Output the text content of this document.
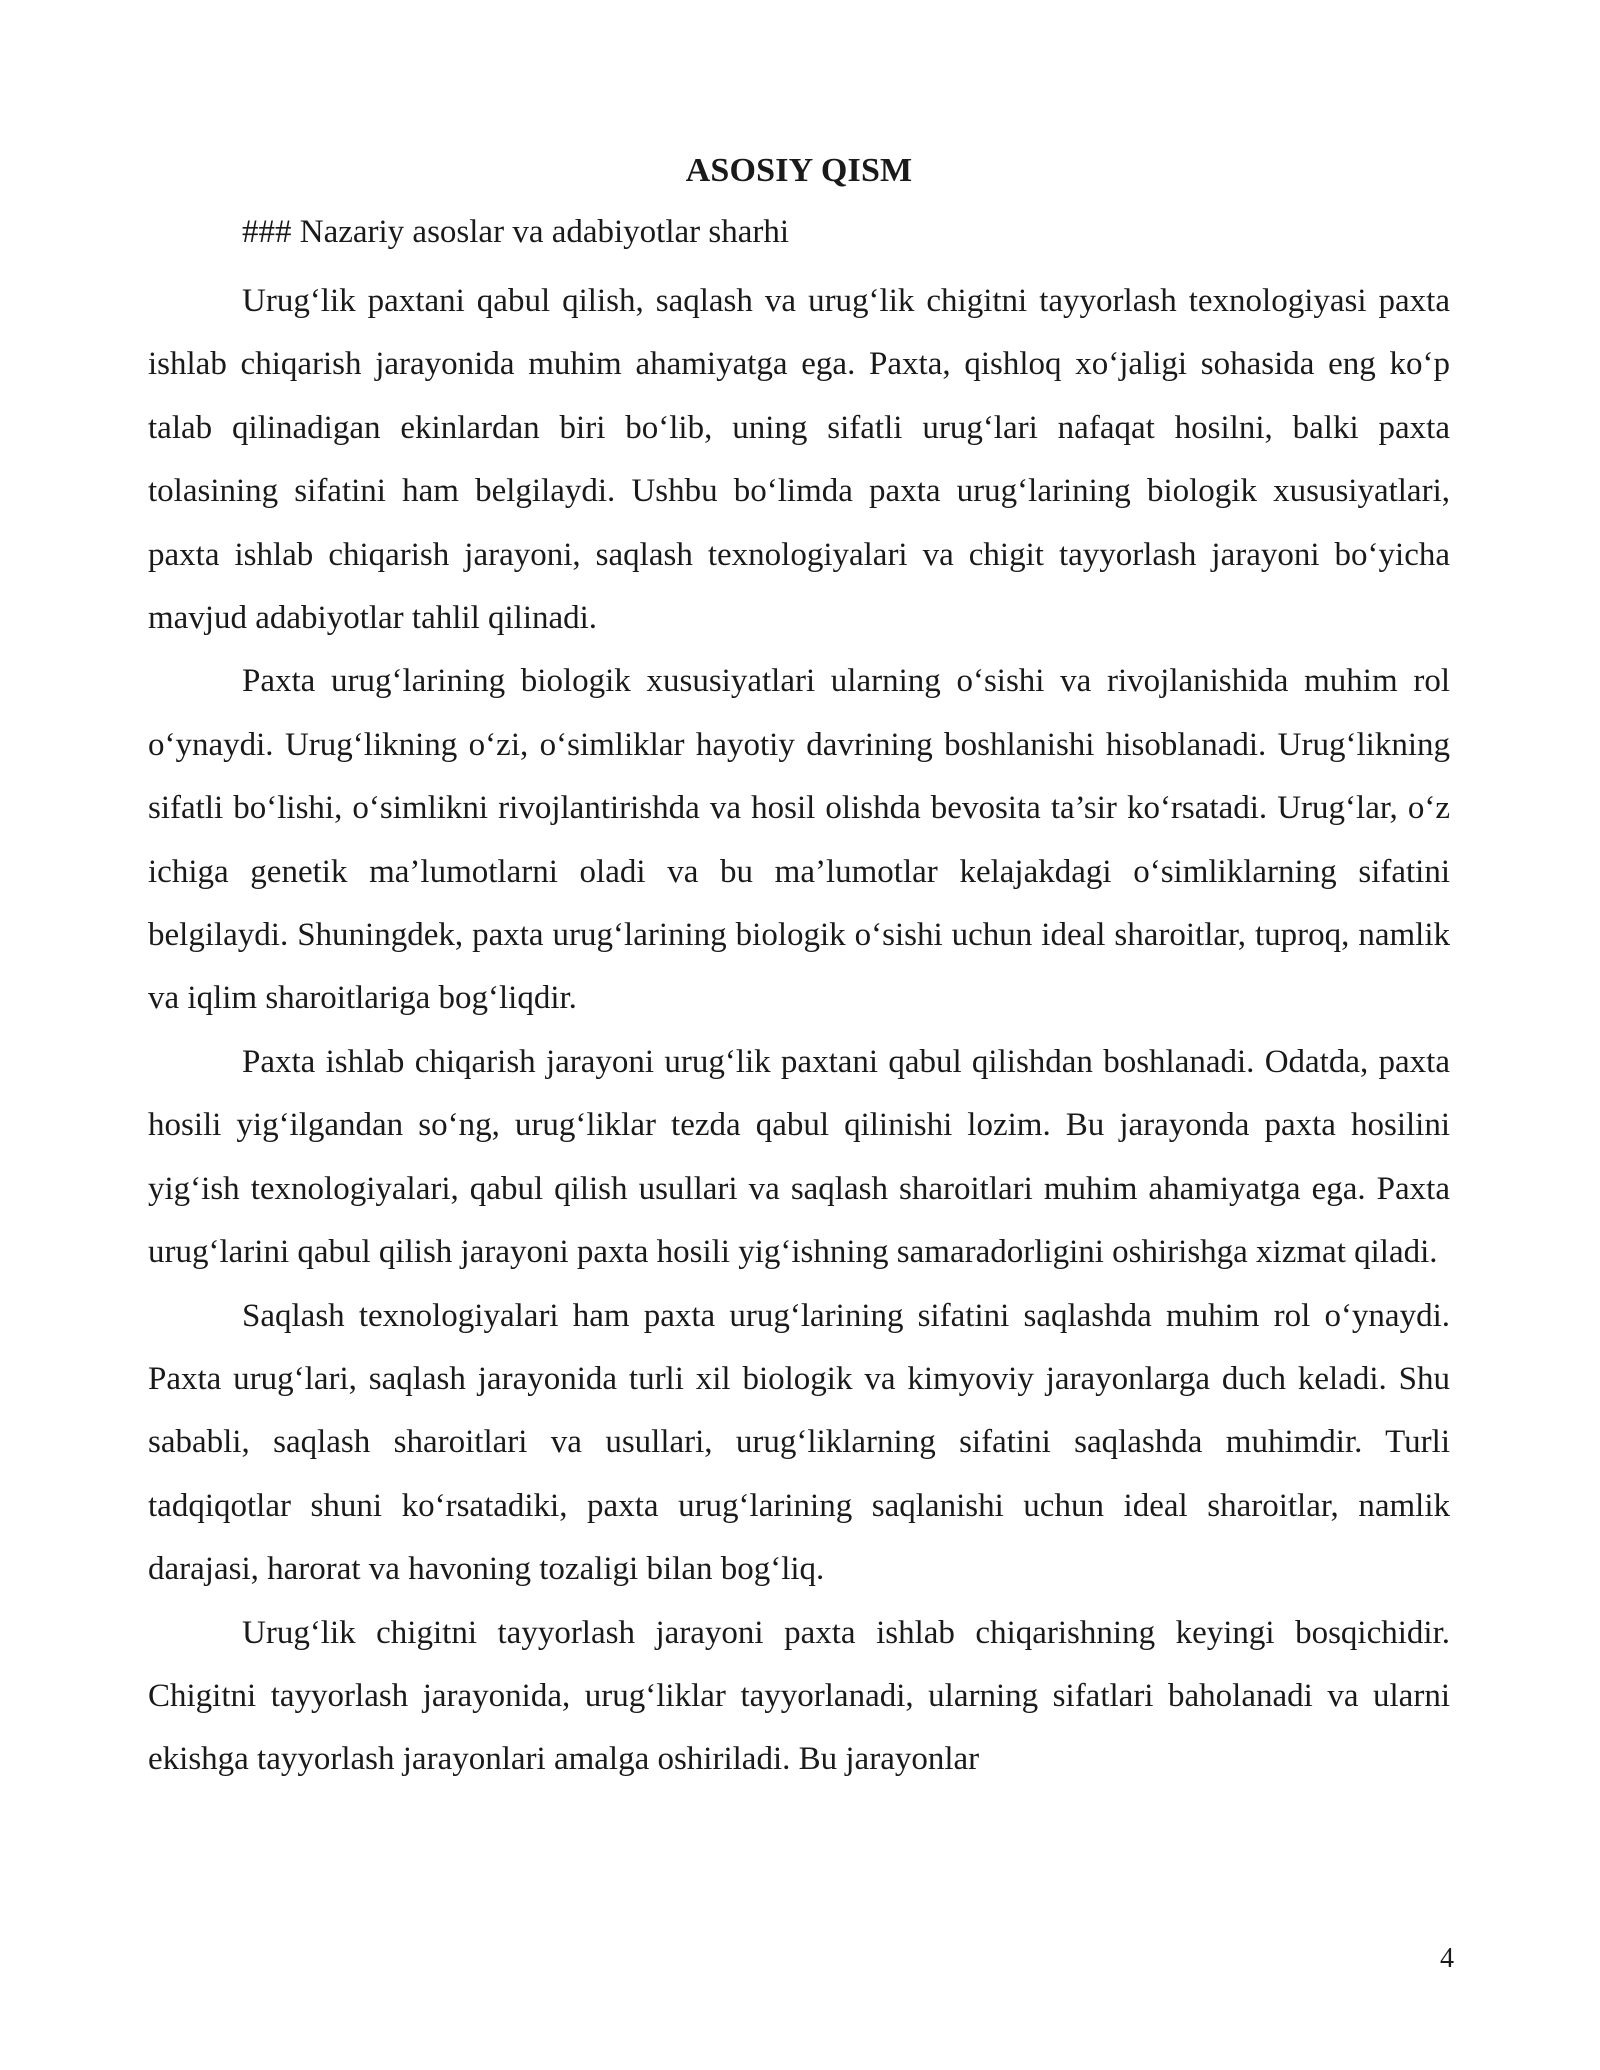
ASOSIY QISM

### Nazariy asoslar va adabiyotlar sharhi

Urug‘lik paxtani qabul qilish, saqlash va urug‘lik chigitni tayyorlash texnologiyasi paxta ishlab chiqarish jarayonida muhim ahamiyatga ega. Paxta, qishloq xo‘jaligi sohasida eng ko‘p talab qilinadigan ekinlardan biri bo‘lib, uning sifatli urug‘lari nafaqat hosilni, balki paxta tolasining sifatini ham belgilaydi. Ushbu bo‘limda paxta urug‘larining biologik xususiyatlari, paxta ishlab chiqarish jarayoni, saqlash texnologiyalari va chigit tayyorlash jarayoni bo‘yicha mavjud adabiyotlar tahlil qilinadi.

Paxta urug‘larining biologik xususiyatlari ularning o‘sishi va rivojlanishida muhim rol o‘ynaydi. Urug‘likning o‘zi, o‘simliklar hayotiy davrining boshlanishi hisoblanadi. Urug‘likning sifatli bo‘lishi, o‘simlikni rivojlantirishda va hosil olishda bevosita ta’sir ko‘rsatadi. Urug‘lar, o‘z ichiga genetik ma’lumotlarni oladi va bu ma’lumotlar kelajakdagi o‘simliklarning sifatini belgilaydi. Shuningdek, paxta urug‘larining biologik o‘sishi uchun ideal sharoitlar, tuproq, namlik va iqlim sharoitlariga bog‘liqdir.

Paxta ishlab chiqarish jarayoni urug‘lik paxtani qabul qilishdan boshlanadi. Odatda, paxta hosili yig‘ilgandan so‘ng, urug‘liklar tezda qabul qilinishi lozim. Bu jarayonda paxta hosilini yig‘ish texnologiyalari, qabul qilish usullari va saqlash sharoitlari muhim ahamiyatga ega. Paxta urug‘larini qabul qilish jarayoni paxta hosili yig‘ishning samaradorligini oshirishga xizmat qiladi.

Saqlash texnologiyalari ham paxta urug‘larining sifatini saqlashda muhim rol o‘ynaydi. Paxta urug‘lari, saqlash jarayonida turli xil biologik va kimyoviy jarayonlarga duch keladi. Shu sababli, saqlash sharoitlari va usullari, urug‘liklarning sifatini saqlashda muhimdir. Turli tadqiqotlar shuni ko‘rsatadiki, paxta urug‘larining saqlanishi uchun ideal sharoitlar, namlik darajasi, harorat va havoning tozaligi bilan bog‘liq.

Urug‘lik chigitni tayyorlash jarayoni paxta ishlab chiqarishning keyingi bosqichidir. Chigitni tayyorlash jarayonida, urug‘liklar tayyorlanadi, ularning sifatlari baholanadi va ularni ekishga tayyorlash jarayonlari amalga oshiriladi. Bu jarayonlar

4
